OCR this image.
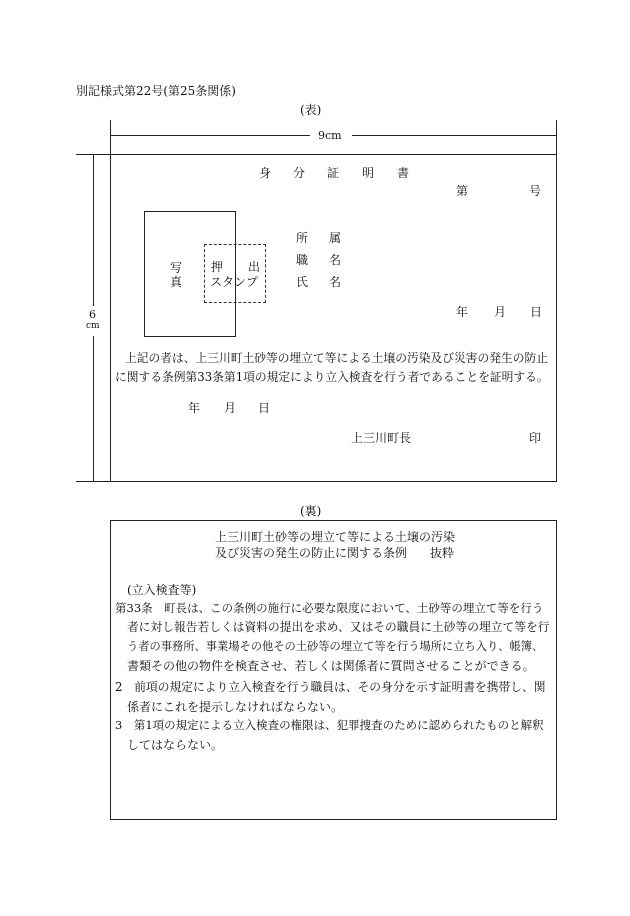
別記様式第22号(第25条関係)
(表)
9cm
6
cm
身 分 証 明 書
第	号
写
真
押 出
スタンプ
所 属
職 名
氏 名
年 月 日
上記の者は、上三川町土砂等の埋立て等による土壌の汚染及び災害の発生の防止
に関する条例第33条第1項の規定により立入検査を行う者であることを証明する。
年 月 日
上三川町長	印
(裏)
上三川町土砂等の埋立て等による土壌の汚染
及び災害の発生の防止に関する条例 抜粋
(立入検査等)
第33条　町長は、この条例の施行に必要な限度において、土砂等の埋立て等を行う
者に対し報告若しくは資料の提出を求め、又はその職員に土砂等の埋立て等を行
う者の事務所、事業場その他その土砂等の埋立て等を行う場所に立ち入り、帳簿、
書類その他の物件を検査させ、若しくは関係者に質問させることができる。
2　前項の規定により立入検査を行う職員は、その身分を示す証明書を携帯し、関
係者にこれを提示しなければならない。
3　第1項の規定による立入検査の権限は、犯罪捜査のために認められたものと解釈
してはならない。
